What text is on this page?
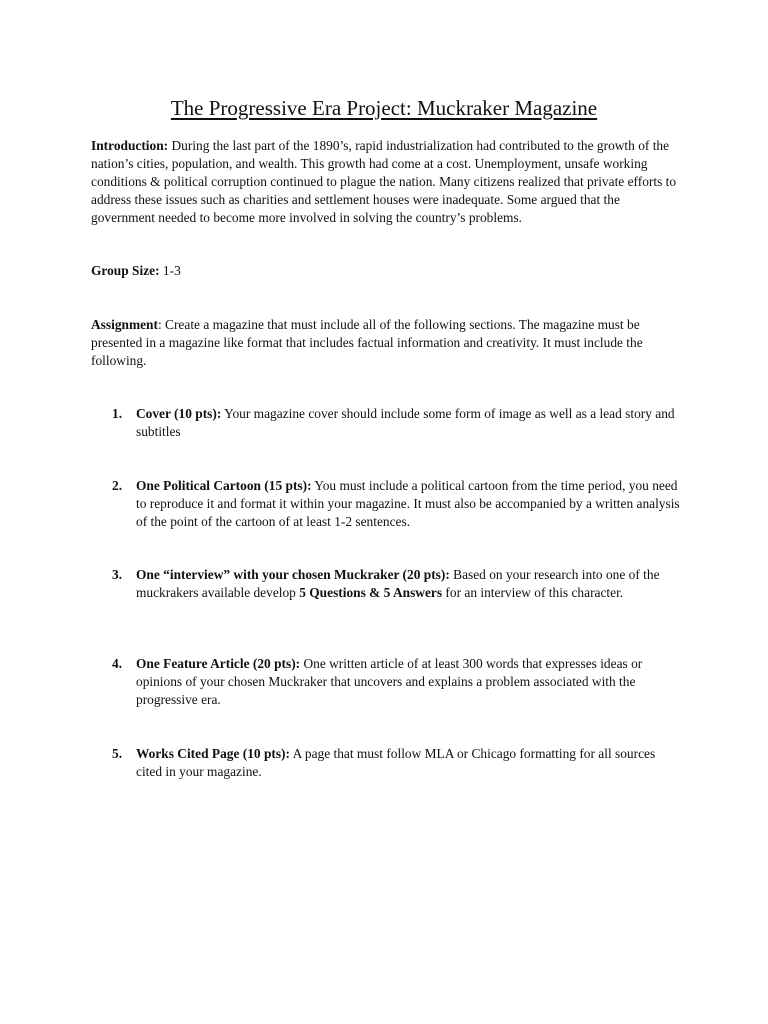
The Progressive Era Project: Muckraker Magazine

Introduction: During the last part of the 1890’s, rapid industrialization had contributed to the growth of the nation’s cities, population, and wealth. This growth had come at a cost. Unemployment, unsafe working conditions & political corruption continued to plague the nation. Many citizens realized that private efforts to address these issues such as charities and settlement houses were inadequate. Some argued that the government needed to become more involved in solving the country’s problems.

Group Size: 1-3

Assignment: Create a magazine that must include all of the following sections. The magazine must be presented in a magazine like format that includes factual information and creativity. It must include the following.

1. Cover (10 pts): Your magazine cover should include some form of image as well as a lead story and subtitles
2. One Political Cartoon (15 pts): You must include a political cartoon from the time period, you need to reproduce it and format it within your magazine. It must also be accompanied by a written analysis of the point of the cartoon of at least 1-2 sentences.
3. One “interview” with your chosen Muckraker (20 pts): Based on your research into one of the muckrakers available develop 5 Questions & 5 Answers for an interview of this character.
4. One Feature Article (20 pts): One written article of at least 300 words that expresses ideas or opinions of your chosen Muckraker that uncovers and explains a problem associated with the progressive era.
5. Works Cited Page (10 pts): A page that must follow MLA or Chicago formatting for all sources cited in your magazine.
